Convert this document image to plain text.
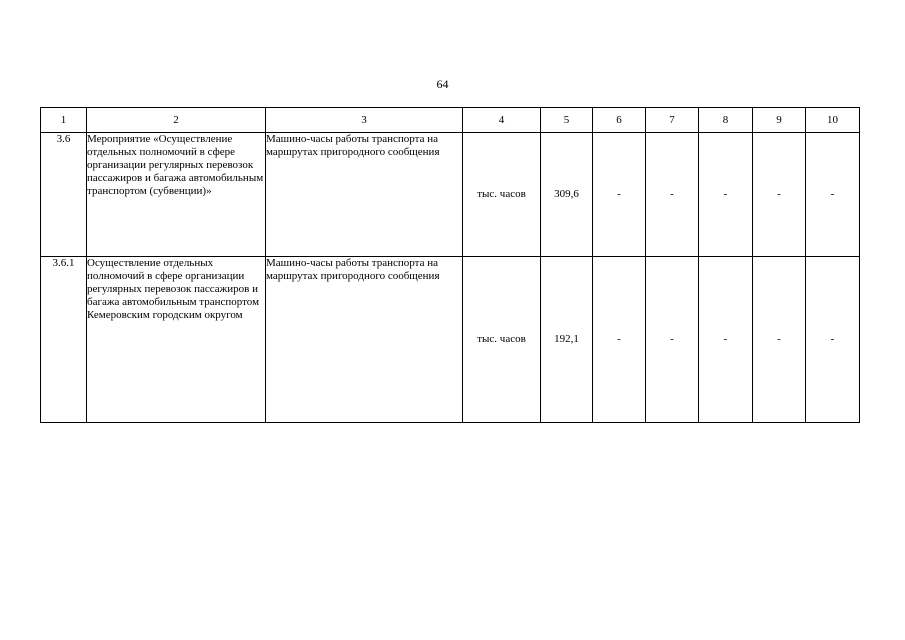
64
1	2	3	4	5	6	7	8	9	10
3.6	Мероприятие «Осуществление отдельных полномочий в сфере организации регулярных перевозок пассажиров и багажа автомобильным транспортом (субвенции)»	Машино-часы работы транспорта на маршрутах пригородного сообщения	тыс. часов	309,6	-	-	-	-	-
3.6.1	Осуществление отдельных полномочий в сфере организации регулярных перевозок пассажиров и багажа автомобильным транспортом Кемеровским городским округом	Машино-часы работы транспорта на маршрутах пригородного сообщения	тыс. часов	192,1	-	-	-	-	-
